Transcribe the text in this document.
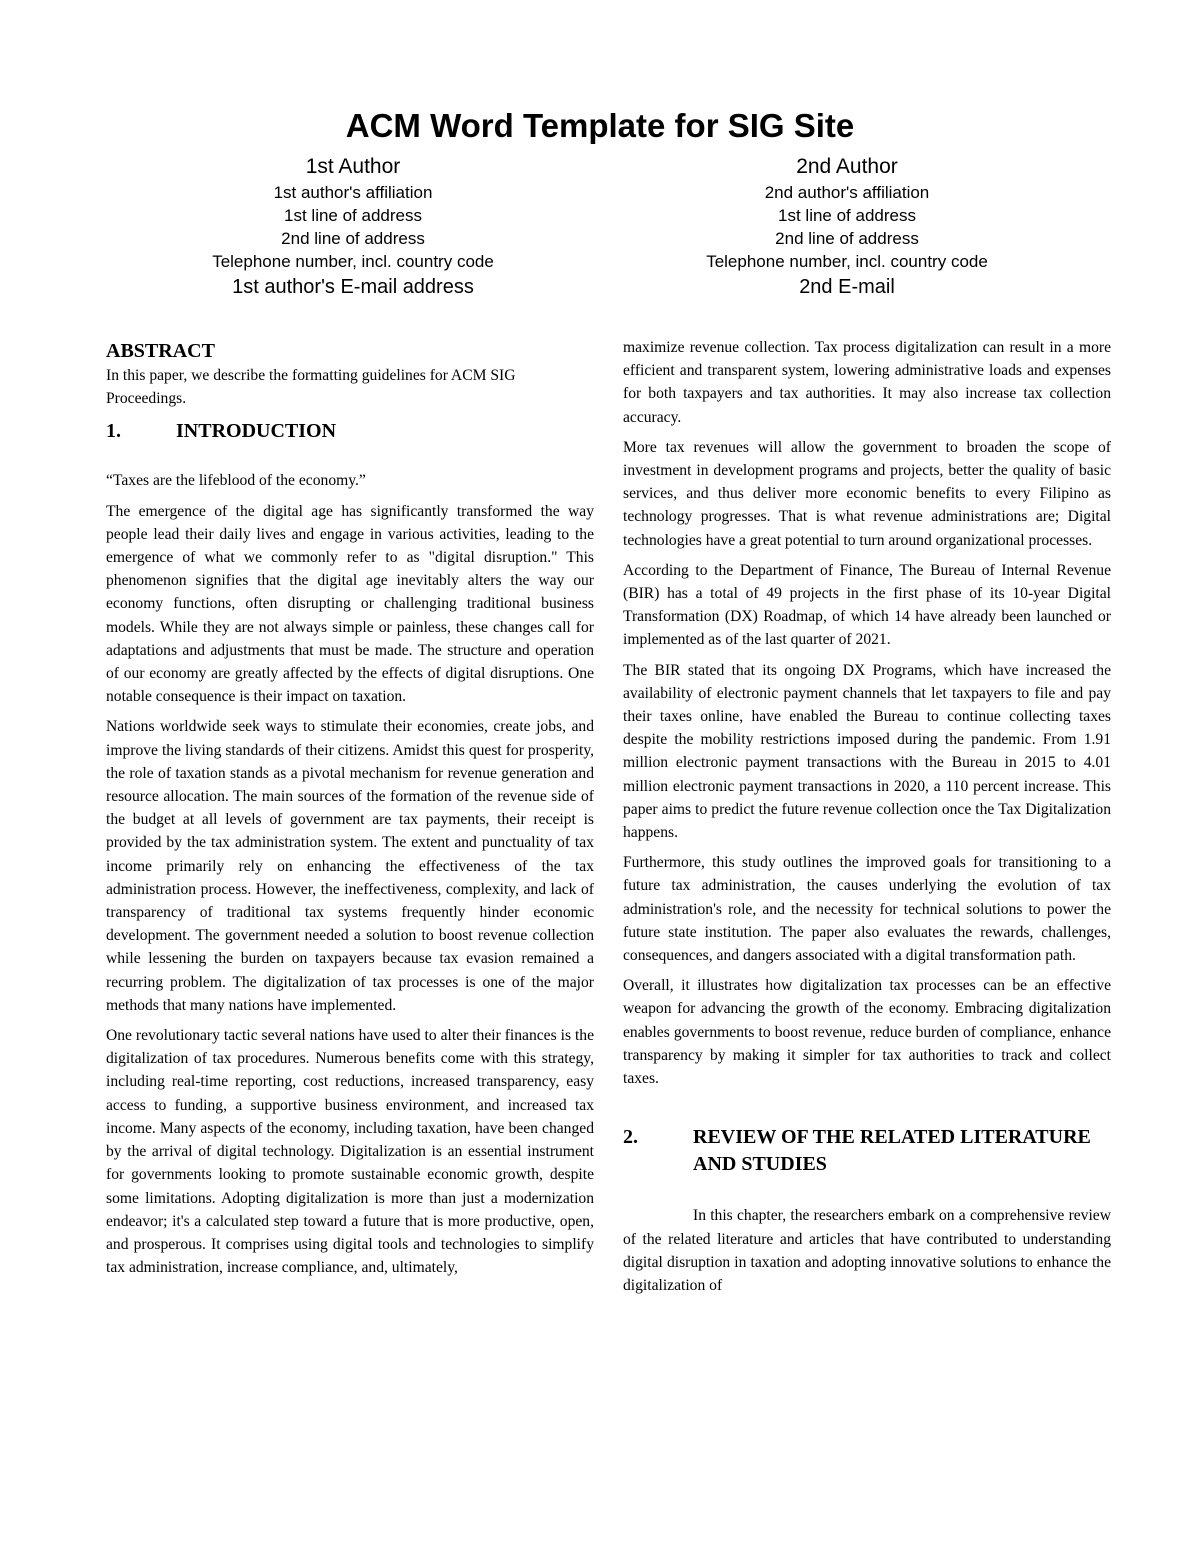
ACM Word Template for SIG Site
1st Author
1st author's affiliation
1st line of address
2nd line of address
Telephone number, incl. country code
1st author's E-mail address
2nd Author
2nd author's affiliation
1st line of address
2nd line of address
Telephone number, incl. country code
2nd E-mail
ABSTRACT

In this paper, we describe the formatting guidelines for ACM SIG Proceedings.

1.	INTRODUCTION

“Taxes are the lifeblood of the economy.”

The emergence of the digital age has significantly transformed the way people lead their daily lives and engage in various activities, leading to the emergence of what we commonly refer to as "digital disruption." This phenomenon signifies that the digital age inevitably alters the way our economy functions, often disrupting or challenging traditional business models. While they are not always simple or painless, these changes call for adaptations and adjustments that must be made. The structure and operation of our economy are greatly affected by the effects of digital disruptions. One notable consequence is their impact on taxation.

Nations worldwide seek ways to stimulate their economies, create jobs, and improve the living standards of their citizens. Amidst this quest for prosperity, the role of taxation stands as a pivotal mechanism for revenue generation and resource allocation. The main sources of the formation of the revenue side of the budget at all levels of government are tax payments, their receipt is provided by the tax administration system. The extent and punctuality of tax income primarily rely on enhancing the effectiveness of the tax administration process. However, the ineffectiveness, complexity, and lack of transparency of traditional tax systems frequently hinder economic development. The government needed a solution to boost revenue collection while lessening the burden on taxpayers because tax evasion remained a recurring problem. The digitalization of tax processes is one of the major methods that many nations have implemented.

One revolutionary tactic several nations have used to alter their finances is the digitalization of tax procedures. Numerous benefits come with this strategy, including real-time reporting, cost reductions, increased transparency, easy access to funding, a supportive business environment, and increased tax income. Many aspects of the economy, including taxation, have been changed by the arrival of digital technology. Digitalization is an essential instrument for governments looking to promote sustainable economic growth, despite some limitations. Adopting digitalization is more than just a modernization endeavor; it's a calculated step toward a future that is more productive, open, and prosperous. It comprises using digital tools and technologies to simplify tax administration, increase compliance, and, ultimately,

maximize revenue collection. Tax process digitalization can result in a more efficient and transparent system, lowering administrative loads and expenses for both taxpayers and tax authorities. It may also increase tax collection accuracy.

More tax revenues will allow the government to broaden the scope of investment in development programs and projects, better the quality of basic services, and thus deliver more economic benefits to every Filipino as technology progresses. That is what revenue administrations are; Digital technologies have a great potential to turn around organizational processes.

According to the Department of Finance, The Bureau of Internal Revenue (BIR) has a total of 49 projects in the first phase of its 10-year Digital Transformation (DX) Roadmap, of which 14 have already been launched or implemented as of the last quarter of 2021.

The BIR stated that its ongoing DX Programs, which have increased the availability of electronic payment channels that let taxpayers to file and pay their taxes online, have enabled the Bureau to continue collecting taxes despite the mobility restrictions imposed during the pandemic. From 1.91 million electronic payment transactions with the Bureau in 2015 to 4.01 million electronic payment transactions in 2020, a 110 percent increase. This paper aims to predict the future revenue collection once the Tax Digitalization happens.

Furthermore, this study outlines the improved goals for transitioning to a future tax administration, the causes underlying the evolution of tax administration's role, and the necessity for technical solutions to power the future state institution. The paper also evaluates the rewards, challenges, consequences, and dangers associated with a digital transformation path.

Overall, it illustrates how digitalization tax processes can be an effective weapon for advancing the growth of the economy. Embracing digitalization enables governments to boost revenue, reduce burden of compliance, enhance transparency by making it simpler for tax authorities to track and collect taxes.

2.	REVIEW OF THE RELATED LITERATURE AND STUDIES

In this chapter, the researchers embark on a comprehensive review of the related literature and articles that have contributed to understanding digital disruption in taxation and adopting innovative solutions to enhance the digitalization of
